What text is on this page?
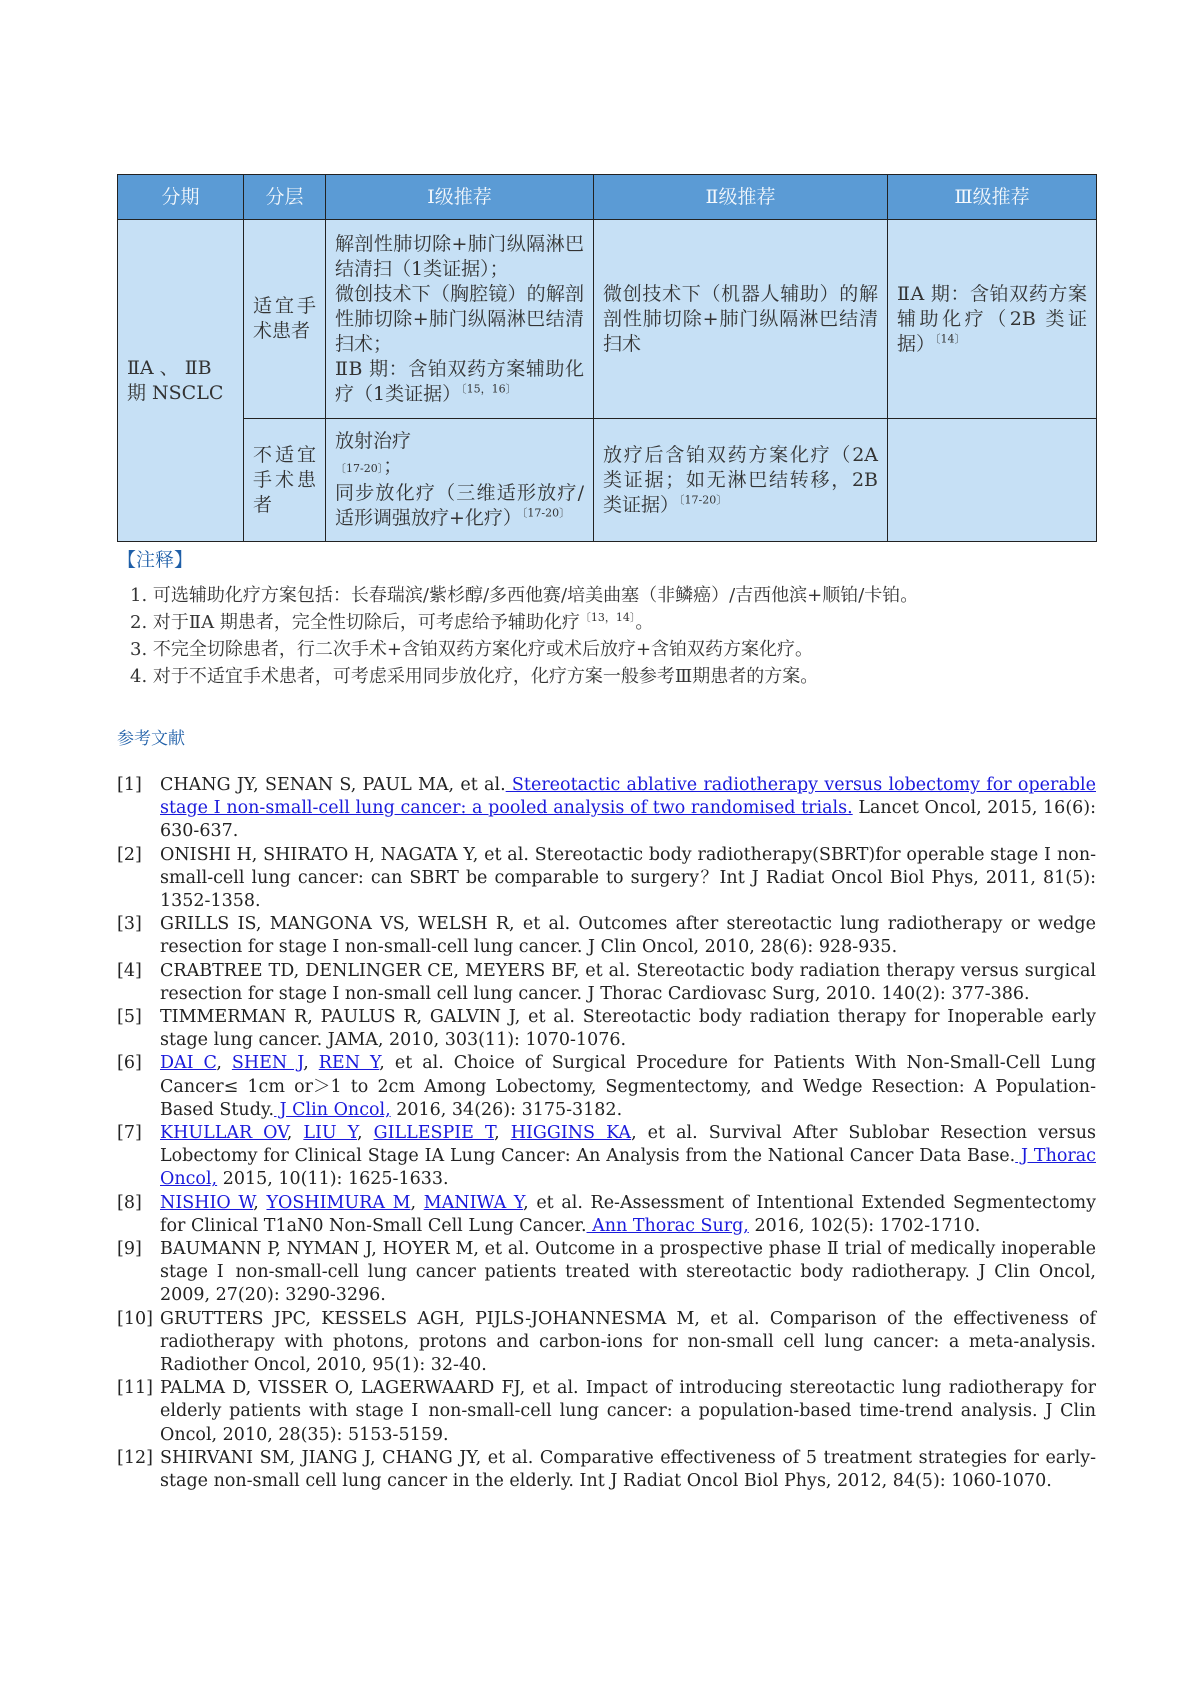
分期	分层	Ⅰ级推荐	Ⅱ级推荐	Ⅲ级推荐
ⅡA 、 ⅡB 期 NSCLC	适宜手术患者	解剖性肺切除+肺门纵隔淋巴结清扫（1类证据）；
微创技术下（胸腔镜）的解剖性肺切除+肺门纵隔淋巴结清扫术；
ⅡB 期：含铂双药方案辅助化疗（1类证据）$^{〔15,16〕}$	微创技术下（机器人辅助）的解剖性肺切除+肺门纵隔淋巴结清扫术	ⅡA 期：含铂双药方案辅助化疗（2B 类证据）$^{〔14〕}$
	不适宜手术患者	放射治疗
〔17-20〕；
同步放化疗（三维适形放疗/适形调强放疗+化疗）$^{〔17-20〕}$	放疗后含铂双药方案化疗（2A 类证据；如无淋巴结转移，2B 类证据）$^{〔17-20〕}$	
【注释】
1. 可选辅助化疗方案包括：长春瑞滨/紫杉醇/多西他赛/培美曲塞（非鳞癌）/吉西他滨+顺铂/卡铂。
2. 对于ⅡA 期患者，完全性切除后，可考虑给予辅助化疗$^{〔13,14〕}$。
3. 不完全切除患者，行二次手术+含铂双药方案化疗或术后放疗+含铂双药方案化疗。
4. 对于不适宜手术患者，可考虑采用同步放化疗，化疗方案一般参考Ⅲ期患者的方案。
参考文献
[1]	CHANG JY, SENAN S, PAUL MA, et al. Stereotactic ablative radiotherapy versus lobectomy for operable stage Ⅰ non-small-cell lung cancer: a pooled analysis of two randomised trials. Lancet Oncol, 2015, 16(6): 630-637.
[2]	ONISHI H, SHIRATO H, NAGATA Y, et al. Stereotactic body radiotherapy(SBRT)for operable stage Ⅰ non-small-cell lung cancer: can SBRT be comparable to surgery？Int J Radiat Oncol Biol Phys, 2011, 81(5): 1352-1358.
[3]	GRILLS IS, MANGONA VS, WELSH R, et al. Outcomes after stereotactic lung radiotherapy or wedge resection for stage Ⅰ non-small-cell lung cancer. J Clin Oncol, 2010, 28(6): 928-935.
[4]	CRABTREE TD, DENLINGER CE, MEYERS BF, et al. Stereotactic body radiation therapy versus surgical resection for stage Ⅰ non-small cell lung cancer. J Thorac Cardiovasc Surg, 2010. 140(2): 377-386.
[5]	TIMMERMAN R, PAULUS R, GALVIN J, et al. Stereotactic body radiation therapy for Inoperable early stage lung cancer. JAMA, 2010, 303(11): 1070-1076.
[6]	DAI C, SHEN J, REN Y, et al. Choice of Surgical Procedure for Patients With Non-Small-Cell Lung Cancer≤ 1cm or＞1 to 2cm Among Lobectomy, Segmentectomy, and Wedge Resection: A Population-Based Study. J Clin Oncol, 2016, 34(26): 3175-3182.
[7]	KHULLAR OV, LIU Y, GILLESPIE T, HIGGINS KA, et al. Survival After Sublobar Resection versus Lobectomy for Clinical Stage IA Lung Cancer: An Analysis from the National Cancer Data Base. J Thorac Oncol, 2015, 10(11): 1625-1633.
[8]	NISHIO W, YOSHIMURA M, MANIWA Y, et al. Re-Assessment of Intentional Extended Segmentectomy for Clinical T1aN0 Non-Small Cell Lung Cancer. Ann Thorac Surg, 2016, 102(5): 1702-1710.
[9]	BAUMANN P, NYMAN J, HOYER M, et al. Outcome in a prospective phase Ⅱ trial of medically inoperable stage Ⅰ non-small-cell lung cancer patients treated with stereotactic body radiotherapy. J Clin Oncol, 2009, 27(20): 3290-3296.
[10] GRUTTERS JPC, KESSELS AGH, PIJLS-JOHANNESMA M, et al. Comparison of the effectiveness of radiotherapy with photons, protons and carbon-ions for non-small cell lung cancer: a meta-analysis. Radiother Oncol, 2010, 95(1): 32-40.
[11] PALMA D, VISSER O, LAGERWAARD FJ, et al. Impact of introducing stereotactic lung radiotherapy for elderly patients with stage Ⅰ non-small-cell lung cancer: a population-based time-trend analysis. J Clin Oncol, 2010, 28(35): 5153-5159.
[12] SHIRVANI SM, JIANG J, CHANG JY, et al. Comparative effectiveness of 5 treatment strategies for early-stage non-small cell lung cancer in the elderly. Int J Radiat Oncol Biol Phys, 2012, 84(5): 1060-1070.
